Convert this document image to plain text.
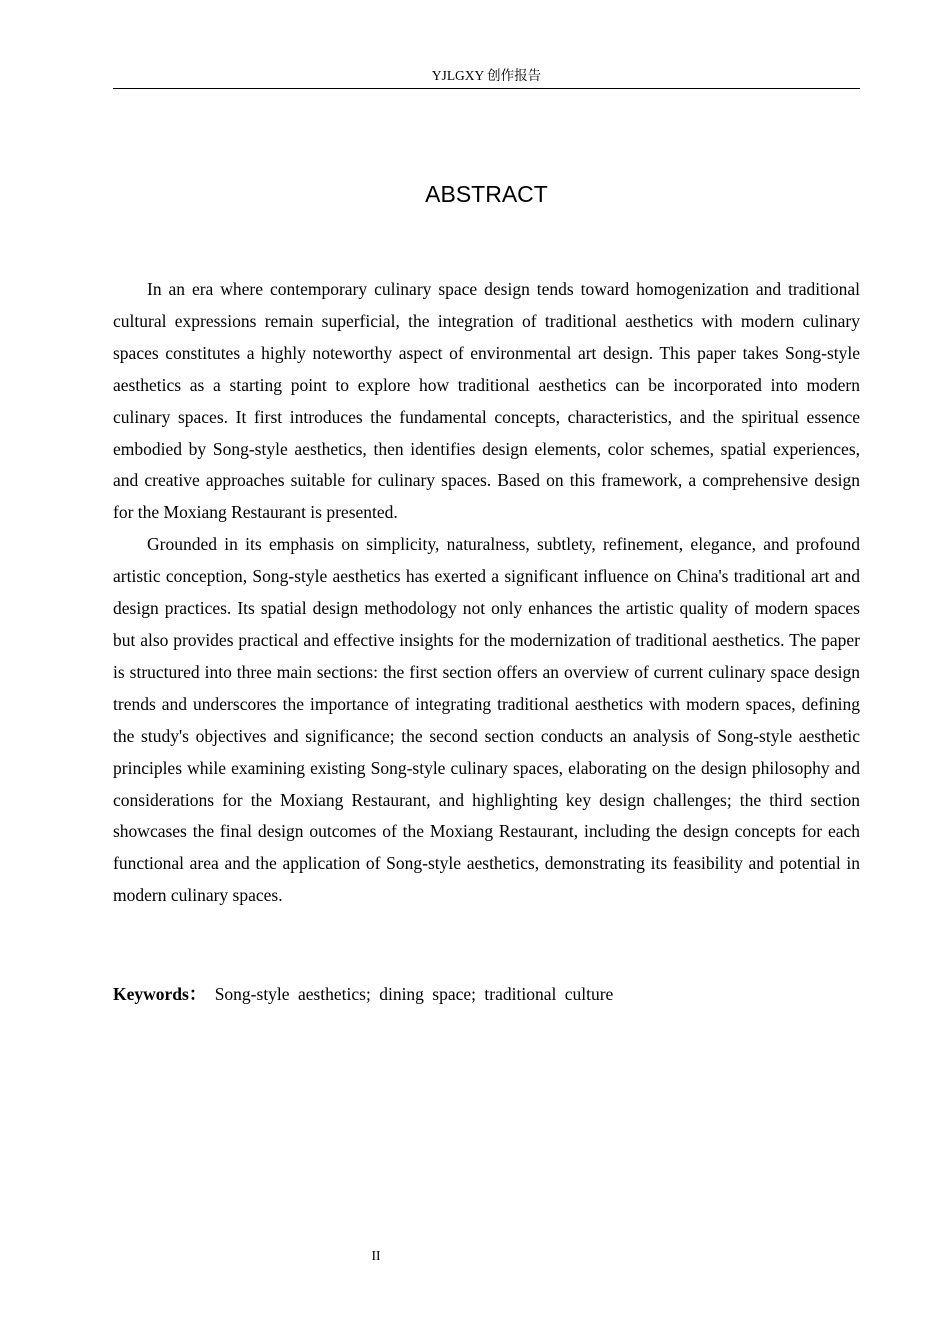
YJLGXY 创作报告
ABSTRACT

In an era where contemporary culinary space design tends toward homogenization and traditional cultural expressions remain superficial, the integration of traditional aesthetics with modern culinary spaces constitutes a highly noteworthy aspect of environmental art design. This paper takes Song-style aesthetics as a starting point to explore how traditional aesthetics can be incorporated into modern culinary spaces. It first introduces the fundamental concepts, characteristics, and the spiritual essence embodied by Song-style aesthetics, then identifies design elements, color schemes, spatial experiences, and creative approaches suitable for culinary spaces. Based on this framework, a comprehensive design for the Moxiang Restaurant is presented.

Grounded in its emphasis on simplicity, naturalness, subtlety, refinement, elegance, and profound artistic conception, Song-style aesthetics has exerted a significant influence on China's traditional art and design practices. Its spatial design methodology not only enhances the artistic quality of modern spaces but also provides practical and effective insights for the modernization of traditional aesthetics. The paper is structured into three main sections: the first section offers an overview of current culinary space design trends and underscores the importance of integrating traditional aesthetics with modern spaces, defining the study's objectives and significance; the second section conducts an analysis of Song-style aesthetic principles while examining existing Song-style culinary spaces, elaborating on the design philosophy and considerations for the Moxiang Restaurant, and highlighting key design challenges; the third section showcases the final design outcomes of the Moxiang Restaurant, including the design concepts for each functional area and the application of Song-style aesthetics, demonstrating its feasibility and potential in modern culinary spaces.

Keywords： Song-style aesthetics; dining space; traditional culture
II
